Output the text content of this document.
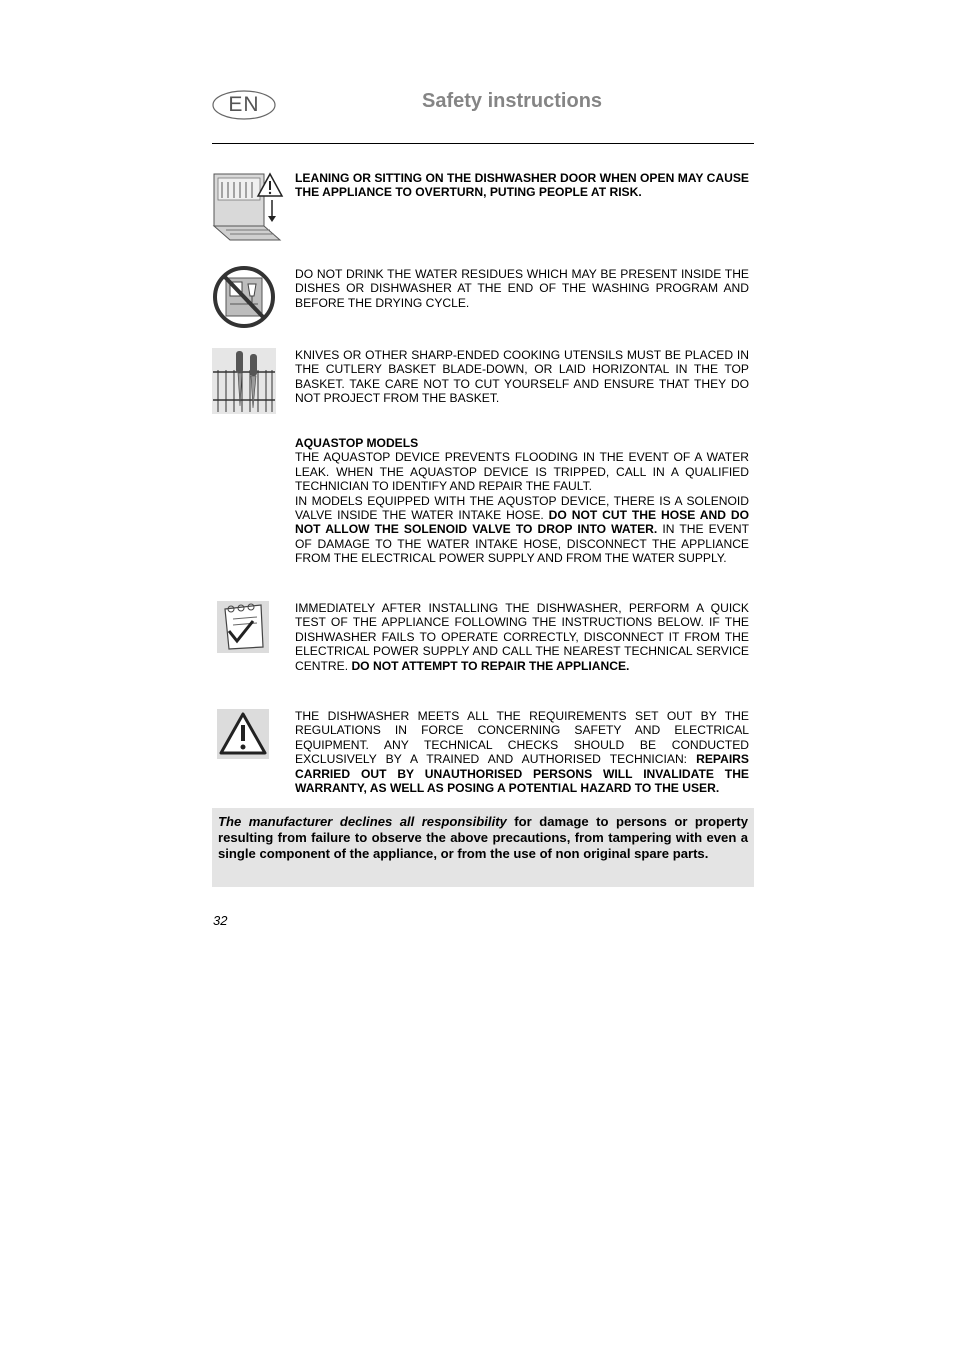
EN	Safety instructions
LEANING OR SITTING ON THE DISHWASHER DOOR WHEN OPEN MAY CAUSE THE APPLIANCE TO OVERTURN, PUTING PEOPLE AT RISK.
DO NOT DRINK THE WATER RESIDUES WHICH MAY BE PRESENT INSIDE THE DISHES OR DISHWASHER AT THE END OF THE WASHING PROGRAM AND BEFORE THE DRYING CYCLE.
KNIVES OR OTHER SHARP-ENDED COOKING UTENSILS MUST BE PLACED IN THE CUTLERY BASKET BLADE-DOWN, OR LAID HORIZONTAL IN THE TOP BASKET. TAKE CARE NOT TO CUT YOURSELF AND ENSURE THAT THEY DO NOT PROJECT FROM THE BASKET.
AQUASTOP MODELS
THE AQUASTOP DEVICE PREVENTS FLOODING IN THE EVENT OF A WATER LEAK. WHEN THE AQUASTOP DEVICE IS TRIPPED, CALL IN A QUALIFIED TECHNICIAN TO IDENTIFY AND REPAIR THE FAULT.
IN MODELS EQUIPPED WITH THE AQUSTOP DEVICE, THERE IS A SOLENOID VALVE INSIDE THE WATER INTAKE HOSE. DO NOT CUT THE HOSE AND DO NOT ALLOW THE SOLENOID VALVE TO DROP INTO WATER. IN THE EVENT OF DAMAGE TO THE WATER INTAKE HOSE, DISCONNECT THE APPLIANCE FROM THE ELECTRICAL POWER SUPPLY AND FROM THE WATER SUPPLY.
IMMEDIATELY AFTER INSTALLING THE DISHWASHER, PERFORM A QUICK TEST OF THE APPLIANCE FOLLOWING THE INSTRUCTIONS BELOW. IF THE DISHWASHER FAILS TO OPERATE CORRECTLY, DISCONNECT IT FROM THE ELECTRICAL POWER SUPPLY AND CALL THE NEAREST TECHNICAL SERVICE CENTRE. DO NOT ATTEMPT TO REPAIR THE APPLIANCE.
THE DISHWASHER MEETS ALL THE REQUIREMENTS SET OUT BY THE REGULATIONS IN FORCE CONCERNING SAFETY AND ELECTRICAL EQUIPMENT. ANY TECHNICAL CHECKS SHOULD BE CONDUCTED EXCLUSIVELY BY A TRAINED AND AUTHORISED TECHNICIAN: REPAIRS CARRIED OUT BY UNAUTHORISED PERSONS WILL INVALIDATE THE WARRANTY, AS WELL AS POSING A POTENTIAL HAZARD TO THE USER.
The manufacturer declines all responsibility for damage to persons or property resulting from failure to observe the above precautions, from tampering with even a single component of the appliance, or from the use of non original spare parts.
32
